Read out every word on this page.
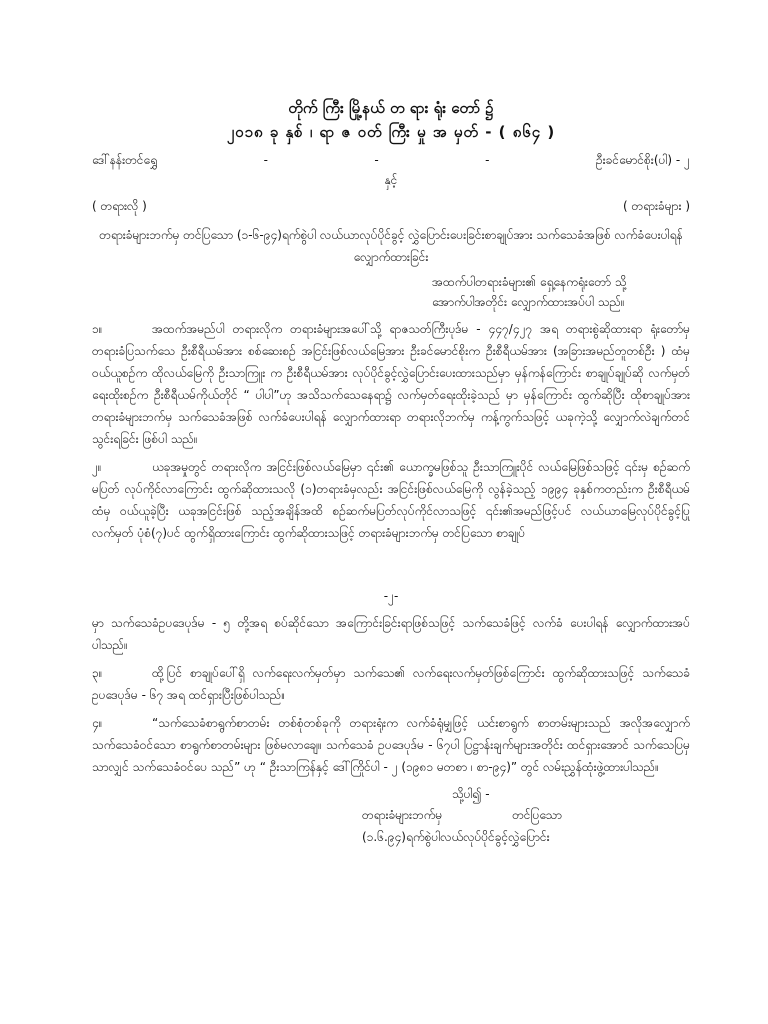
တိုက် ကြီး မြို့နယ် တ ရား ရုံး တော် ၌
၂၀၁၈ ခု နှစ် ၊ ရာ ဇ ဝတ် ကြီး မှု အ မှတ် - ( ၈၆၄ )
ဒေါ်နန်းတင်ရွှေ	-	-	-	ဦးခင်မောင်စိုး(ပါ) - ၂
နှင့်
( တရားလို )	( တရားခံများ )
တရားခံများဘက်မှ တင်ပြသော (၁-၆-၉၄)ရက်စွဲပါ လယ်ယာလုပ်ပိုင်ခွင့် လွှဲပြောင်းပေးခြင်းစာချုပ်အား သက်သေခံအဖြစ် လက်ခံပေးပါရန် လျှောက်ထားခြင်း
အထက်ပါတရားခံများ၏ ရှေ့နေကရုံးတော် သို့
အောက်ပါအတိုင်း လျှောက်ထားအပ်ပါ သည်။
၁။	အထက်အမည်ပါ တရားလိုက တရားခံများအပေါ်သို့ ရာဇသတ်ကြီးပုဒ်မ - ၄၄၇/၄၂၇ အရ တရားစွဲဆိုထားရာ ရုံးတော်မှ တရားခံပြသက်သေ ဦးစီရီယမ်အား စစ်ဆေးစဉ် အငြင်းဖြစ်လယ်မြေအား ဦးခင်မောင်စိုးက ဦးစီရီယမ်အား (အခြားအမည်တူတစ်ဦး ) ထံမှ ဝယ်ယူစဉ်က ထိုလယ်မြေကို ဦးသာကြူး က ဦးစီရီယမ်အား လုပ်ပိုင်ခွင့်လွှဲပြောင်းပေးထားသည်မှာ မှန်ကန်ကြောင်း စာချုပ်ချုပ်ဆို လက်မှတ် ရေးထိုးစဉ်က ဦးစီရီယမ်ကိုယ်တိုင် “ ပါပါ”ဟု အသိသက်သေနေရာ၌ လက်မှတ်ရေးထိုးခဲ့သည် မှာ မှန်ကြောင်း ထွက်ဆိုပြီး ထိုစာချုပ်အား တရားခံများဘက်မှ သက်သေခံအဖြစ် လက်ခံပေးပါရန် လျှောက်ထားရာ တရားလိုဘက်မှ ကန့်ကွက်သဖြင့် ယခုကဲ့သို့ လျှောက်လဲချက်တင်သွင်းရခြင်း ဖြစ်ပါ သည်။
၂။	ယခုအမှုတွင် တရားလိုက အငြင်းဖြစ်လယ်မြေမှာ ၎င်း၏ ယောက္ခမဖြစ်သူ ဦးသာကြူးပိုင် လယ်မြေဖြစ်သဖြင့် ၎င်းမှ စဉ်ဆက်မပြတ် လုပ်ကိုင်လာကြောင်း ထွက်ဆိုထားသလို (၁)တရားခံမှလည်း အငြင်းဖြစ်လယ်မြေကို လွန်ခဲ့သည့် ၁၉၉၄ ခုနှစ်ကတည်းက ဦးစီရီယမ်ထံမှ ဝယ်ယူခဲ့ပြီး ယခုအငြင်းဖြစ် သည့်အချိန်အထိ စဉ်ဆက်မပြတ်လုပ်ကိုင်လာသဖြင့် ၎င်း၏အမည်ဖြင့်ပင် လယ်ယာမြေလုပ်ပိုင်ခွင့်ပြု လက်မှတ် ပုံစံ(၇)ပင် ထွက်ရှိထားကြောင်း ထွက်ဆိုထားသဖြင့် တရားခံများဘက်မှ တင်ပြသော စာချုပ်
-၂-
မှာ သက်သေခံဥပဒေပုဒ်မ - ၅ တို့အရ စပ်ဆိုင်သော အကြောင်းခြင်းရာဖြစ်သဖြင့် သက်သေခံဖြင့် လက်ခံ ပေးပါရန် လျှောက်ထားအပ်ပါသည်။
၃။	ထို့ပြင် စာချုပ်ပေါ်ရှိ လက်ရေးလက်မှတ်မှာ သက်သေ၏ လက်ရေးလက်မှတ်ဖြစ်ကြောင်း ထွက်ဆိုထားသဖြင့် သက်သေခံဥပဒေပုဒ်မ - ၆၇ အရ ထင်ရှားပြီးဖြစ်ပါသည်။
၄။	“သက်သေခံစာရွက်စာတမ်း တစ်စုံတစ်ခုကို တရားရုံးက လက်ခံရုံမျှဖြင့် ယင်းစာရွက် စာတမ်းများသည် အလိုအလျှောက် သက်သေခံဝင်သော စာရွက်စာတမ်းများ ဖြစ်မလာချေ။ သက်သေခံ ဥပဒေပုဒ်မ - ၆၇ပါ ပြဋ္ဌာန်းချက်များအတိုင်း ထင်ရှားအောင် သက်သေပြမှသာလျှင် သက်သေခံဝင်ပေ သည်” ဟု “ ဦးသာကြန်နှင့် ဒေါ်ကြိုင်ပါ - ၂ (၁၉၈၁ မတစာ ၊ စာ-၉၄)” တွင် လမ်းညွှန်ထုံးဖွဲ့ထားပါသည်။
သို့ပါ၍ -
တရားခံများဘက်မှ	တင်ပြသော
(၁.၆.၉၄)ရက်စွဲပါလယ်လုပ်ပိုင်ခွင့်လွှဲပြောင်း
